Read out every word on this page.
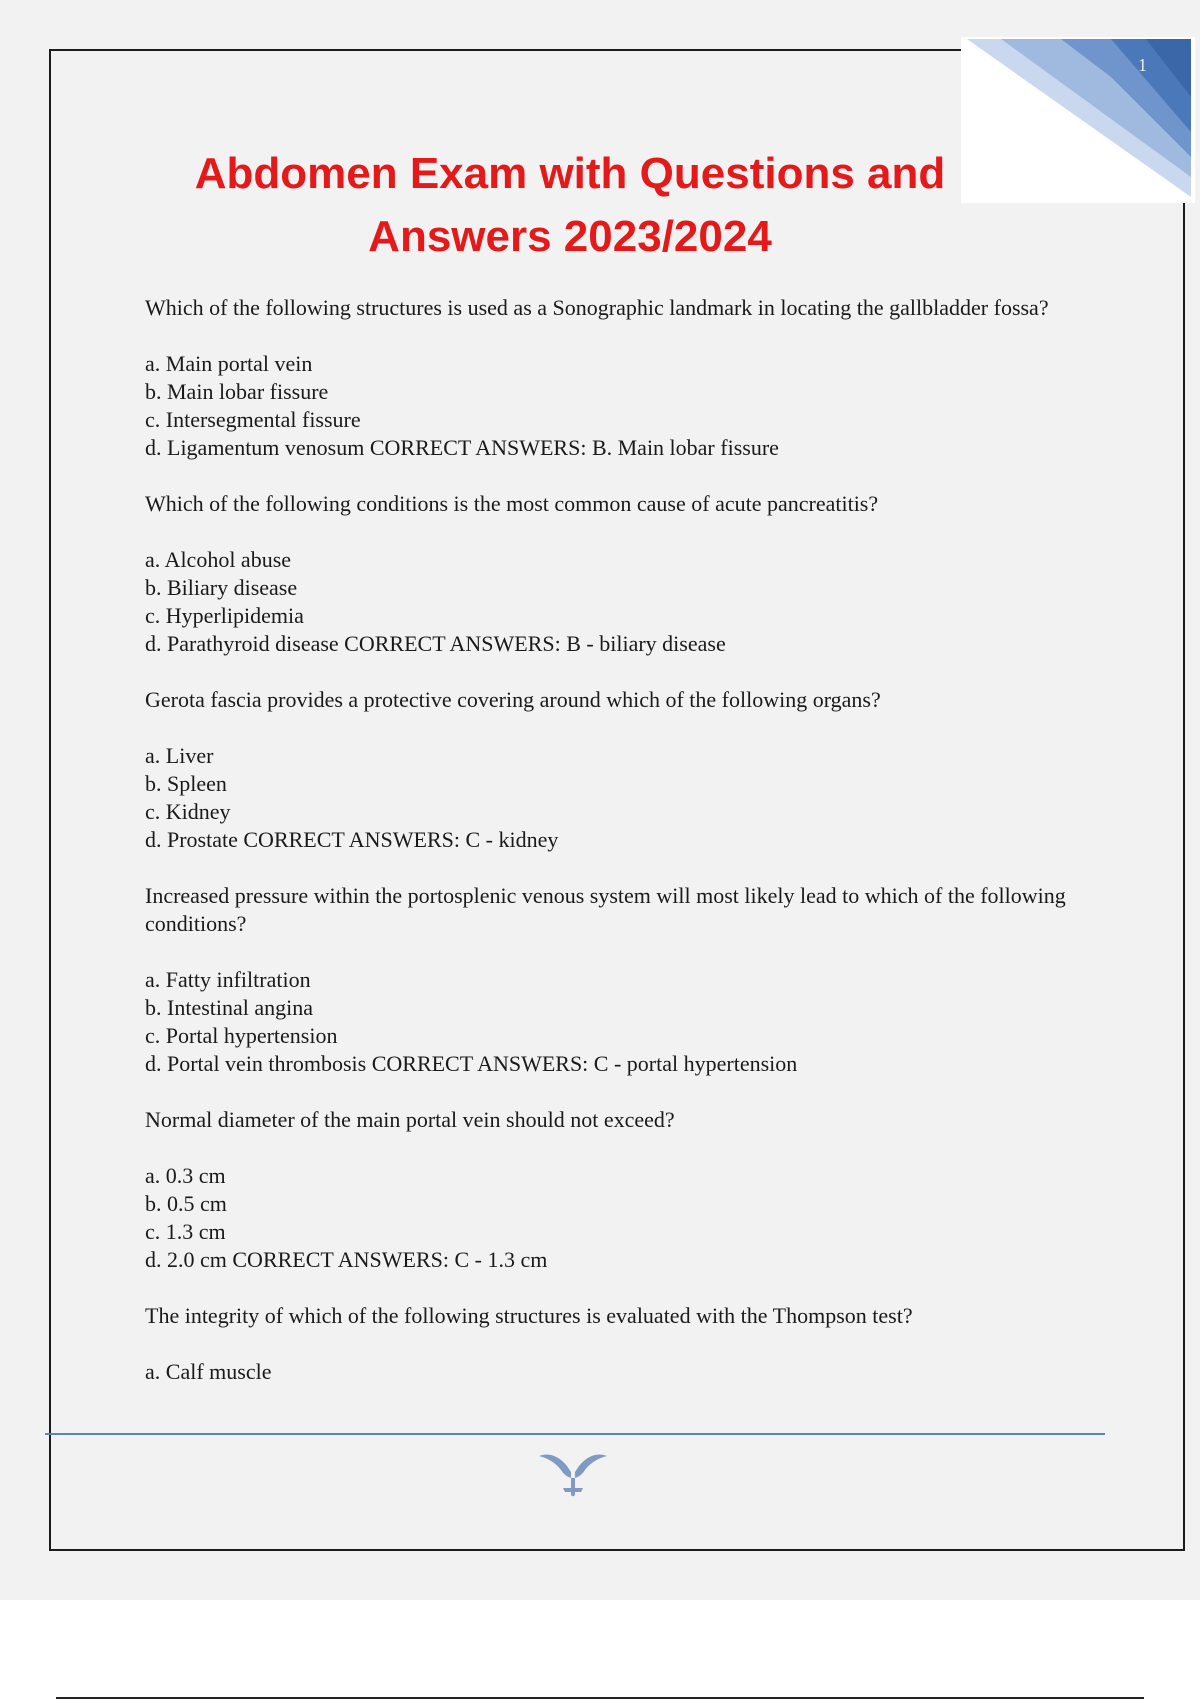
1
Abdomen Exam with Questions and
Answers 2023/2024

Which of the following structures is used as a Sonographic landmark in locating the gallbladder fossa?

a. Main portal vein
b. Main lobar fissure
c. Intersegmental fissure
d. Ligamentum venosum CORRECT ANSWERS: B. Main lobar fissure

Which of the following conditions is the most common cause of acute pancreatitis?

a. Alcohol abuse
b. Biliary disease
c. Hyperlipidemia
d. Parathyroid disease CORRECT ANSWERS: B - biliary disease

Gerota fascia provides a protective covering around which of the following organs?

a. Liver
b. Spleen
c. Kidney
d. Prostate CORRECT ANSWERS: C - kidney

Increased pressure within the portosplenic venous system will most likely lead to which of the following conditions?

a. Fatty infiltration
b. Intestinal angina
c. Portal hypertension
d. Portal vein thrombosis CORRECT ANSWERS: C - portal hypertension

Normal diameter of the main portal vein should not exceed?

a. 0.3 cm
b. 0.5 cm
c. 1.3 cm
d. 2.0 cm CORRECT ANSWERS: C - 1.3 cm

The integrity of which of the following structures is evaluated with the Thompson test?

a. Calf muscle
